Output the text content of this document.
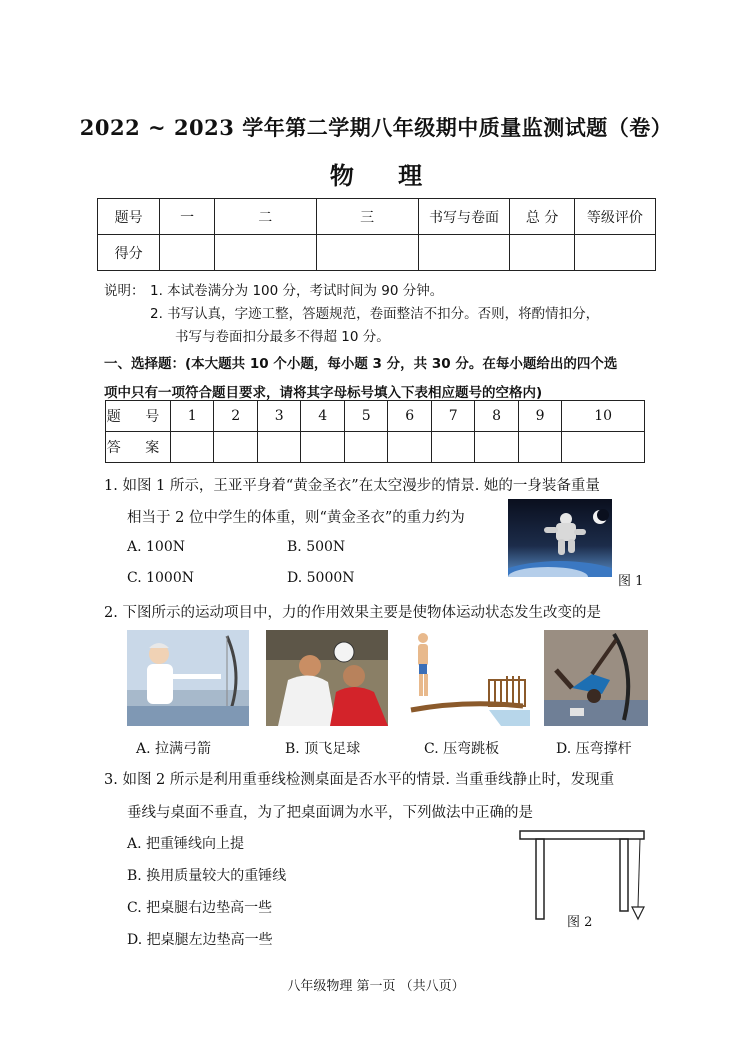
2022 ~ 2023 学年第二学期八年级期中质量监测试题（卷）
物 理
题号	一	二	三	书写与卷面	总 分	等级评价
得分						
说明： 1. 本试卷满分为 100 分，考试时间为 90 分钟。
2. 书写认真，字迹工整，答题规范，卷面整洁不扣分。否则，将酌情扣分，
书写与卷面扣分最多不得超 10 分。
一、选择题：(本大题共 10 个小题，每小题 3 分，共 30 分。在每小题给出的四个选
项中只有一项符合题目要求，请将其字母标号填入下表相应题号的空格内)
题 号	1	2	3	4	5	6	7	8	9	10
答 案										
1. 如图 1 所示，王亚平身着“黄金圣衣”在太空漫步的情景. 她的一身装备重量
相当于 2 位中学生的体重，则“黄金圣衣”的重力约为
A. 100N	B. 500N
C. 1000N	D. 5000N	图 1
2. 下图所示的运动项目中，力的作用效果主要是使物体运动状态发生改变的是
A. 拉满弓箭	B. 顶飞足球	C. 压弯跳板	D. 压弯撑杆
3. 如图 2 所示是利用重垂线检测桌面是否水平的情景. 当重垂线静止时，发现重
垂线与桌面不垂直，为了把桌面调为水平，下列做法中正确的是
A. 把重锤线向上提
B. 换用质量较大的重锤线
C. 把桌腿右边垫高一些
D. 把桌腿左边垫高一些
图 2
八年级物理 第一页 （共八页）
